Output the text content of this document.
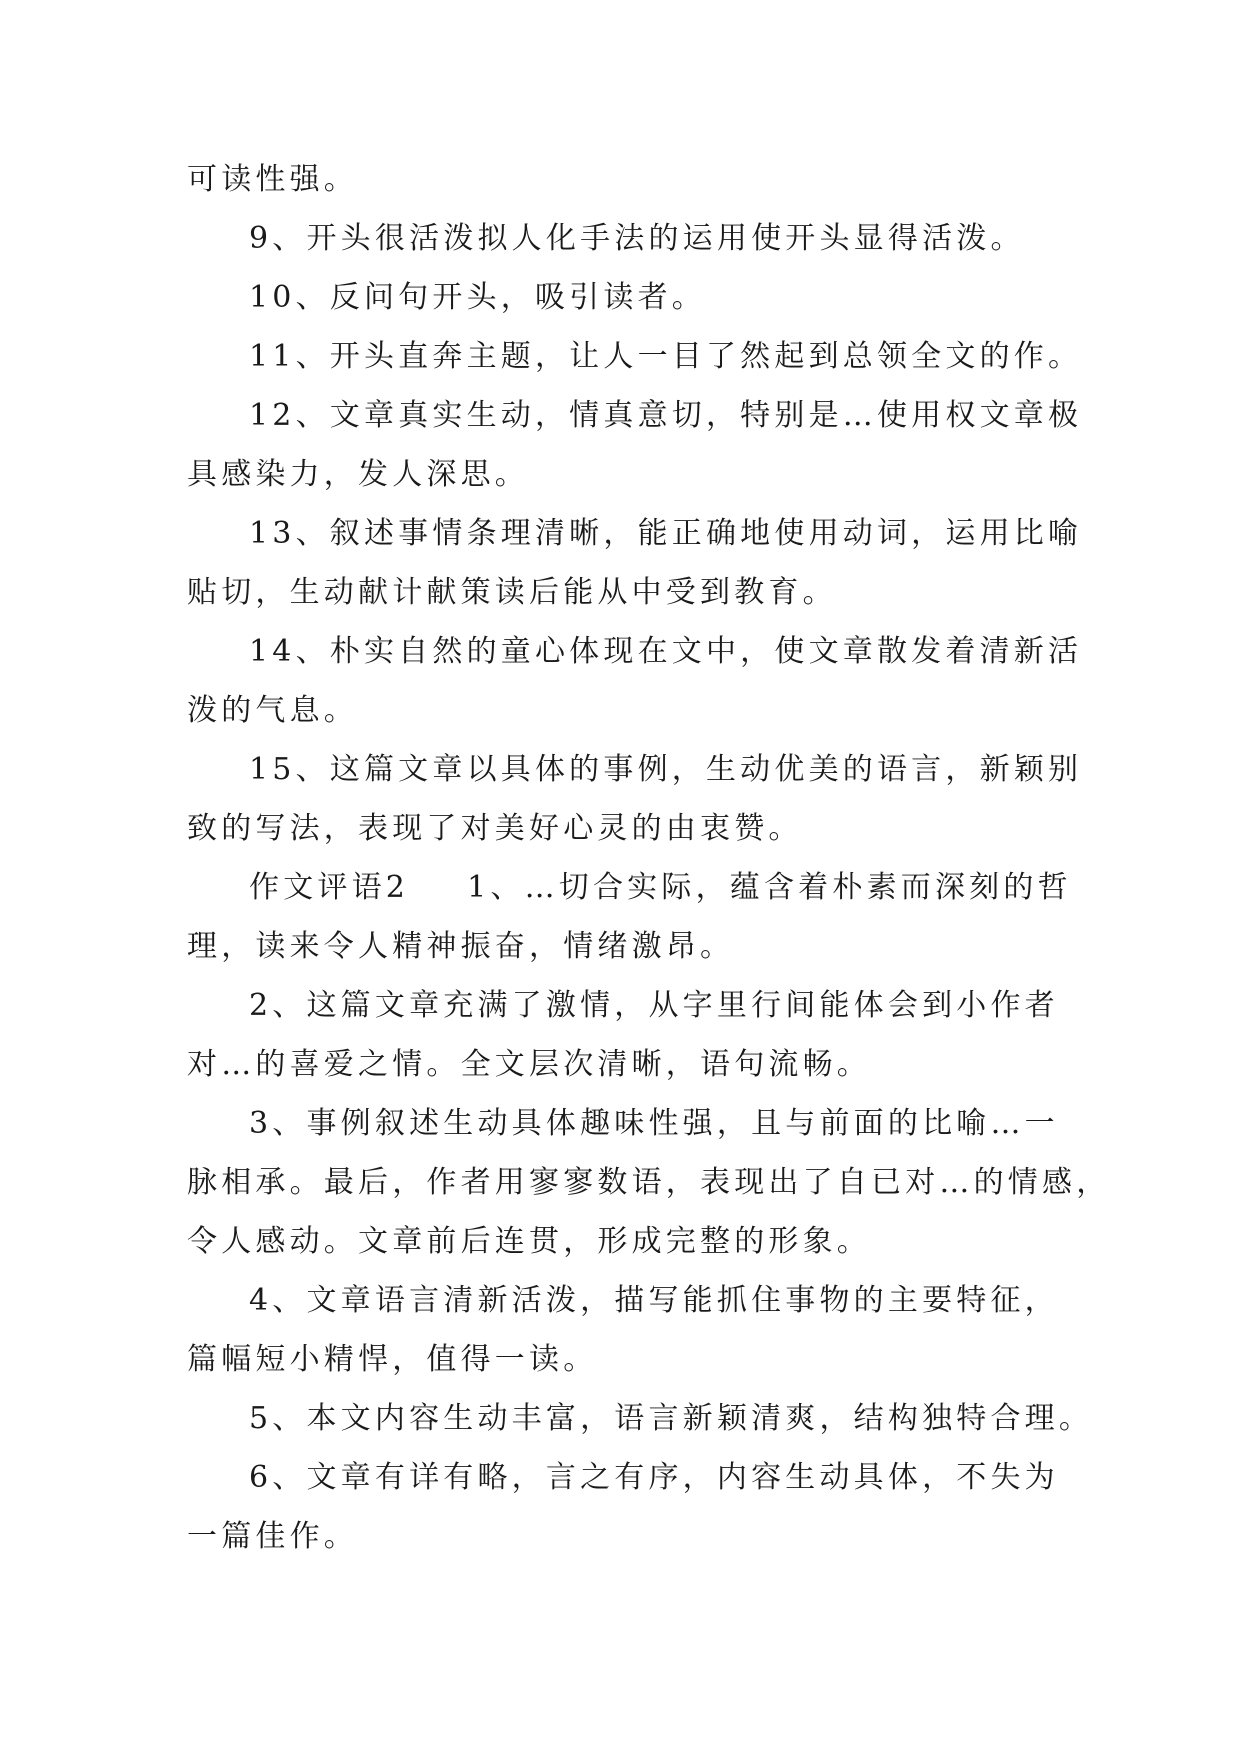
可读性强。
9、开头很活泼拟人化手法的运用使开头显得活泼。
10、反问句开头，吸引读者。
11、开头直奔主题，让人一目了然起到总领全文的作。
12、文章真实生动，情真意切，特别是…使用权文章极
具感染力，发人深思。
13、叙述事情条理清晰，能正确地使用动词，运用比喻
贴切，生动献计献策读后能从中受到教育。
14、朴实自然的童心体现在文中，使文章散发着清新活
泼的气息。
15、这篇文章以具体的事例，生动优美的语言，新颖别
致的写法，表现了对美好心灵的由衷赞。
作文评语2 1、…切合实际，蕴含着朴素而深刻的哲
理，读来令人精神振奋，情绪激昂。
2、这篇文章充满了激情，从字里行间能体会到小作者
对…的喜爱之情。全文层次清晰，语句流畅。
3、事例叙述生动具体趣味性强，且与前面的比喻…一
脉相承。最后，作者用寥寥数语，表现出了自已对…的情感，
令人感动。文章前后连贯，形成完整的形象。
4、文章语言清新活泼，描写能抓住事物的主要特征，
篇幅短小精悍，值得一读。
5、本文内容生动丰富，语言新颖清爽，结构独特合理。
6、文章有详有略，言之有序，内容生动具体，不失为
一篇佳作。
